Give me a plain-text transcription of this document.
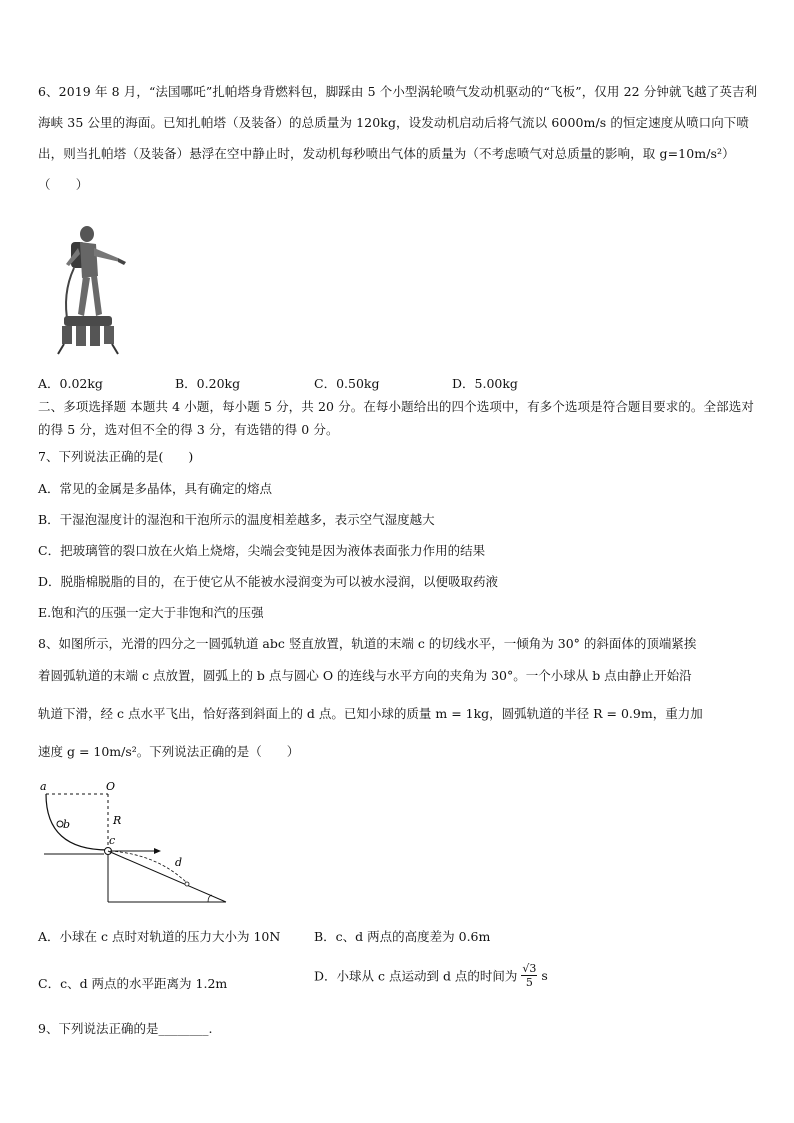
6、2019 年 8 月，“法国哪吒”扎帕塔身背燃料包，脚踩由 5 个小型涡轮喷气发动机驱动的“飞板”，仅用 22 分钟就飞越了英吉利海峡 35 公里的海面。已知扎帕塔（及装备）的总质量为 120kg，设发动机启动后将气流以 6000m/s 的恒定速度从喷口向下喷出，则当扎帕塔（及装备）悬浮在空中静止时，发动机每秒喷出气体的质量为（不考虑喷气对总质量的影响，取 g=10m/s²）（　　）
A．0.02kg	B．0.20kg	C．0.50kg	D．5.00kg
二、多项选择题 本题共 4 小题，每小题 5 分，共 20 分。在每小题给出的四个选项中，有多个选项是符合题目要求的。全部选对的得 5 分，选对但不全的得 3 分，有选错的得 0 分。
7、下列说法正确的是(　　)
A．常见的金属是多晶体，具有确定的熔点
B．干湿泡湿度计的湿泡和干泡所示的温度相差越多，表示空气湿度越大
C．把玻璃管的裂口放在火焰上烧熔，尖端会变钝是因为液体表面张力作用的结果
D．脱脂棉脱脂的目的，在于使它从不能被水浸润变为可以被水浸润，以便吸取药液
E.饱和汽的压强一定大于非饱和汽的压强
8、如图所示，光滑的四分之一圆弧轨道 abc 竖直放置，轨道的末端 c 的切线水平，一倾角为 30° 的斜面体的顶端紧挨
着圆弧轨道的末端 c 点放置，圆弧上的 b 点与圆心 O 的连线与水平方向的夹角为 30°。一个小球从 b 点由静止开始沿
轨道下滑，经 c 点水平飞出，恰好落到斜面上的 d 点。已知小球的质量 m = 1kg，圆弧轨道的半径 R = 0.9m，重力加
速度 g = 10m/s²。下列说法正确的是（　　）
a	O
b	R
c
d
A．小球在 c 点时对轨道的压力大小为 10N	B．c、d 两点的高度差为 0.6m
C．c、d 两点的水平距离为 1.2m	D．小球从 c 点运动到 d 点的时间为 $\frac{√3}{5}$ s
9、下列说法正确的是________.
